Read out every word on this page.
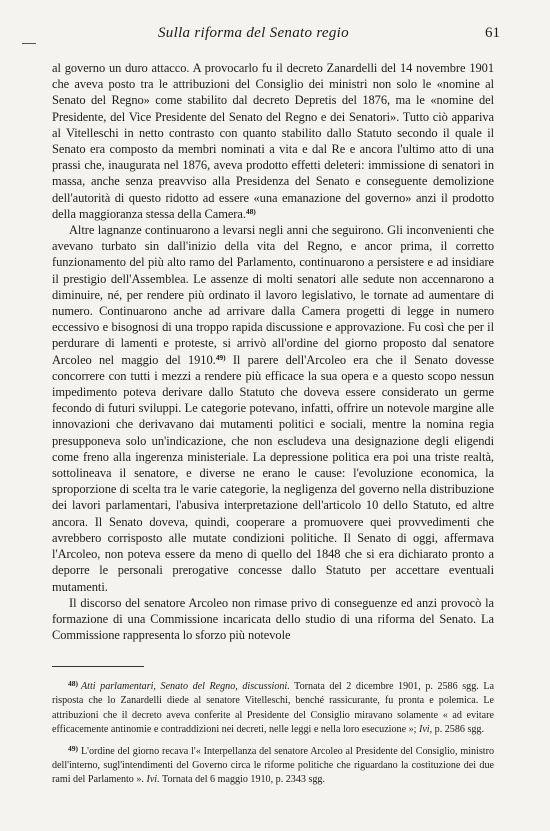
Sulla riforma del Senato regio	61

al governo un duro attacco. A provocarlo fu il decreto Zanardelli del 14 novembre 1901 che aveva posto tra le attribuzioni del Consiglio dei ministri non solo le «nomine al Senato del Regno» come stabilito dal decreto Depretis del 1876, ma le «nomine del Presidente, del Vice Presidente del Senato del Regno e dei Senatori». Tutto ciò appariva al Vitelleschi in netto contrasto con quanto stabilito dallo Statuto secondo il quale il Senato era composto da membri nominati a vita e dal Re e ancora l'ultimo atto di una prassi che, inaugurata nel 1876, aveva prodotto effetti deleteri: immissione di senatori in massa, anche senza preavviso alla Presidenza del Senato e conseguente demolizione dell'autorità di questo ridotto ad essere «una emanazione del governo» anzi il prodotto della maggioranza stessa della Camera.$^{48)}$

Altre lagnanze continuarono a levarsi negli anni che seguirono. Gli inconvenienti che avevano turbato sin dall'inizio della vita del Regno, e ancor prima, il corretto funzionamento del più alto ramo del Parlamento, continuarono a persistere e ad insidiare il prestigio dell'Assemblea. Le assenze di molti senatori alle sedute non accennarono a diminuire, né, per rendere più ordinato il lavoro legislativo, le tornate ad aumentare di numero. Continuarono anche ad arrivare dalla Camera progetti di legge in numero eccessivo e bisognosi di una troppo rapida discussione e approvazione. Fu così che per il perdurare di lamenti e proteste, si arrivò all'ordine del giorno proposto dal senatore Arcoleo nel maggio del 1910.$^{49)}$ Il parere dell'Arcoleo era che il Senato dovesse concorrere con tutti i mezzi a rendere più efficace la sua opera e a questo scopo nessun impedimento poteva derivare dallo Statuto che doveva essere considerato un germe fecondo di futuri sviluppi. Le categorie potevano, infatti, offrire un notevole margine alle innovazioni che derivavano dai mutamenti politici e sociali, mentre la nomina regia presupponeva solo un'indicazione, che non escludeva una designazione degli eligendi come freno alla ingerenza ministeriale. La depressione politica era poi una triste realtà, sottolineava il senatore, e diverse ne erano le cause: l'evoluzione economica, la sproporzione di scelta tra le varie categorie, la negligenza del governo nella distribuzione dei lavori parlamentari, l'abusiva interpretazione dell'articolo 10 dello Statuto, ed altre ancora. Il Senato doveva, quindi, cooperare a promuovere quei provvedimenti che avrebbero corrisposto alle mutate condizioni politiche. Il Senato di oggi, affermava l'Arcoleo, non poteva essere da meno di quello del 1848 che si era dichiarato pronto a deporre le personali prerogative concesse dallo Statuto per accettare eventuali mutamenti.

Il discorso del senatore Arcoleo non rimase privo di conseguenze ed anzi provocò la formazione di una Commissione incaricata dello studio di una riforma del Senato. La Commissione rappresenta lo sforzo più notevole

$^{48)}$ Atti parlamentari, Senato del Regno, discussioni. Tornata del 2 dicembre 1901, p. 2586 sgg. La risposta che lo Zanardelli diede al senatore Vitelleschi, benché rassicurante, fu pronta e polemica. Le attribuzioni che il decreto aveva conferite al Presidente del Consiglio miravano solamente « ad evitare efficacemente antinomie e contraddizioni nei decreti, nelle leggi e nella loro esecuzione »; Ivi, p. 2586 sgg.

$^{49)}$ L'ordine del giorno recava l'« Interpellanza del senatore Arcoleo al Presidente del Consiglio, ministro dell'interno, sugl'intendimenti del Governo circa le riforme politiche che riguardano la costituzione dei due rami del Parlamento ». Ivi. Tornata del 6 maggio 1910, p. 2343 sgg.
